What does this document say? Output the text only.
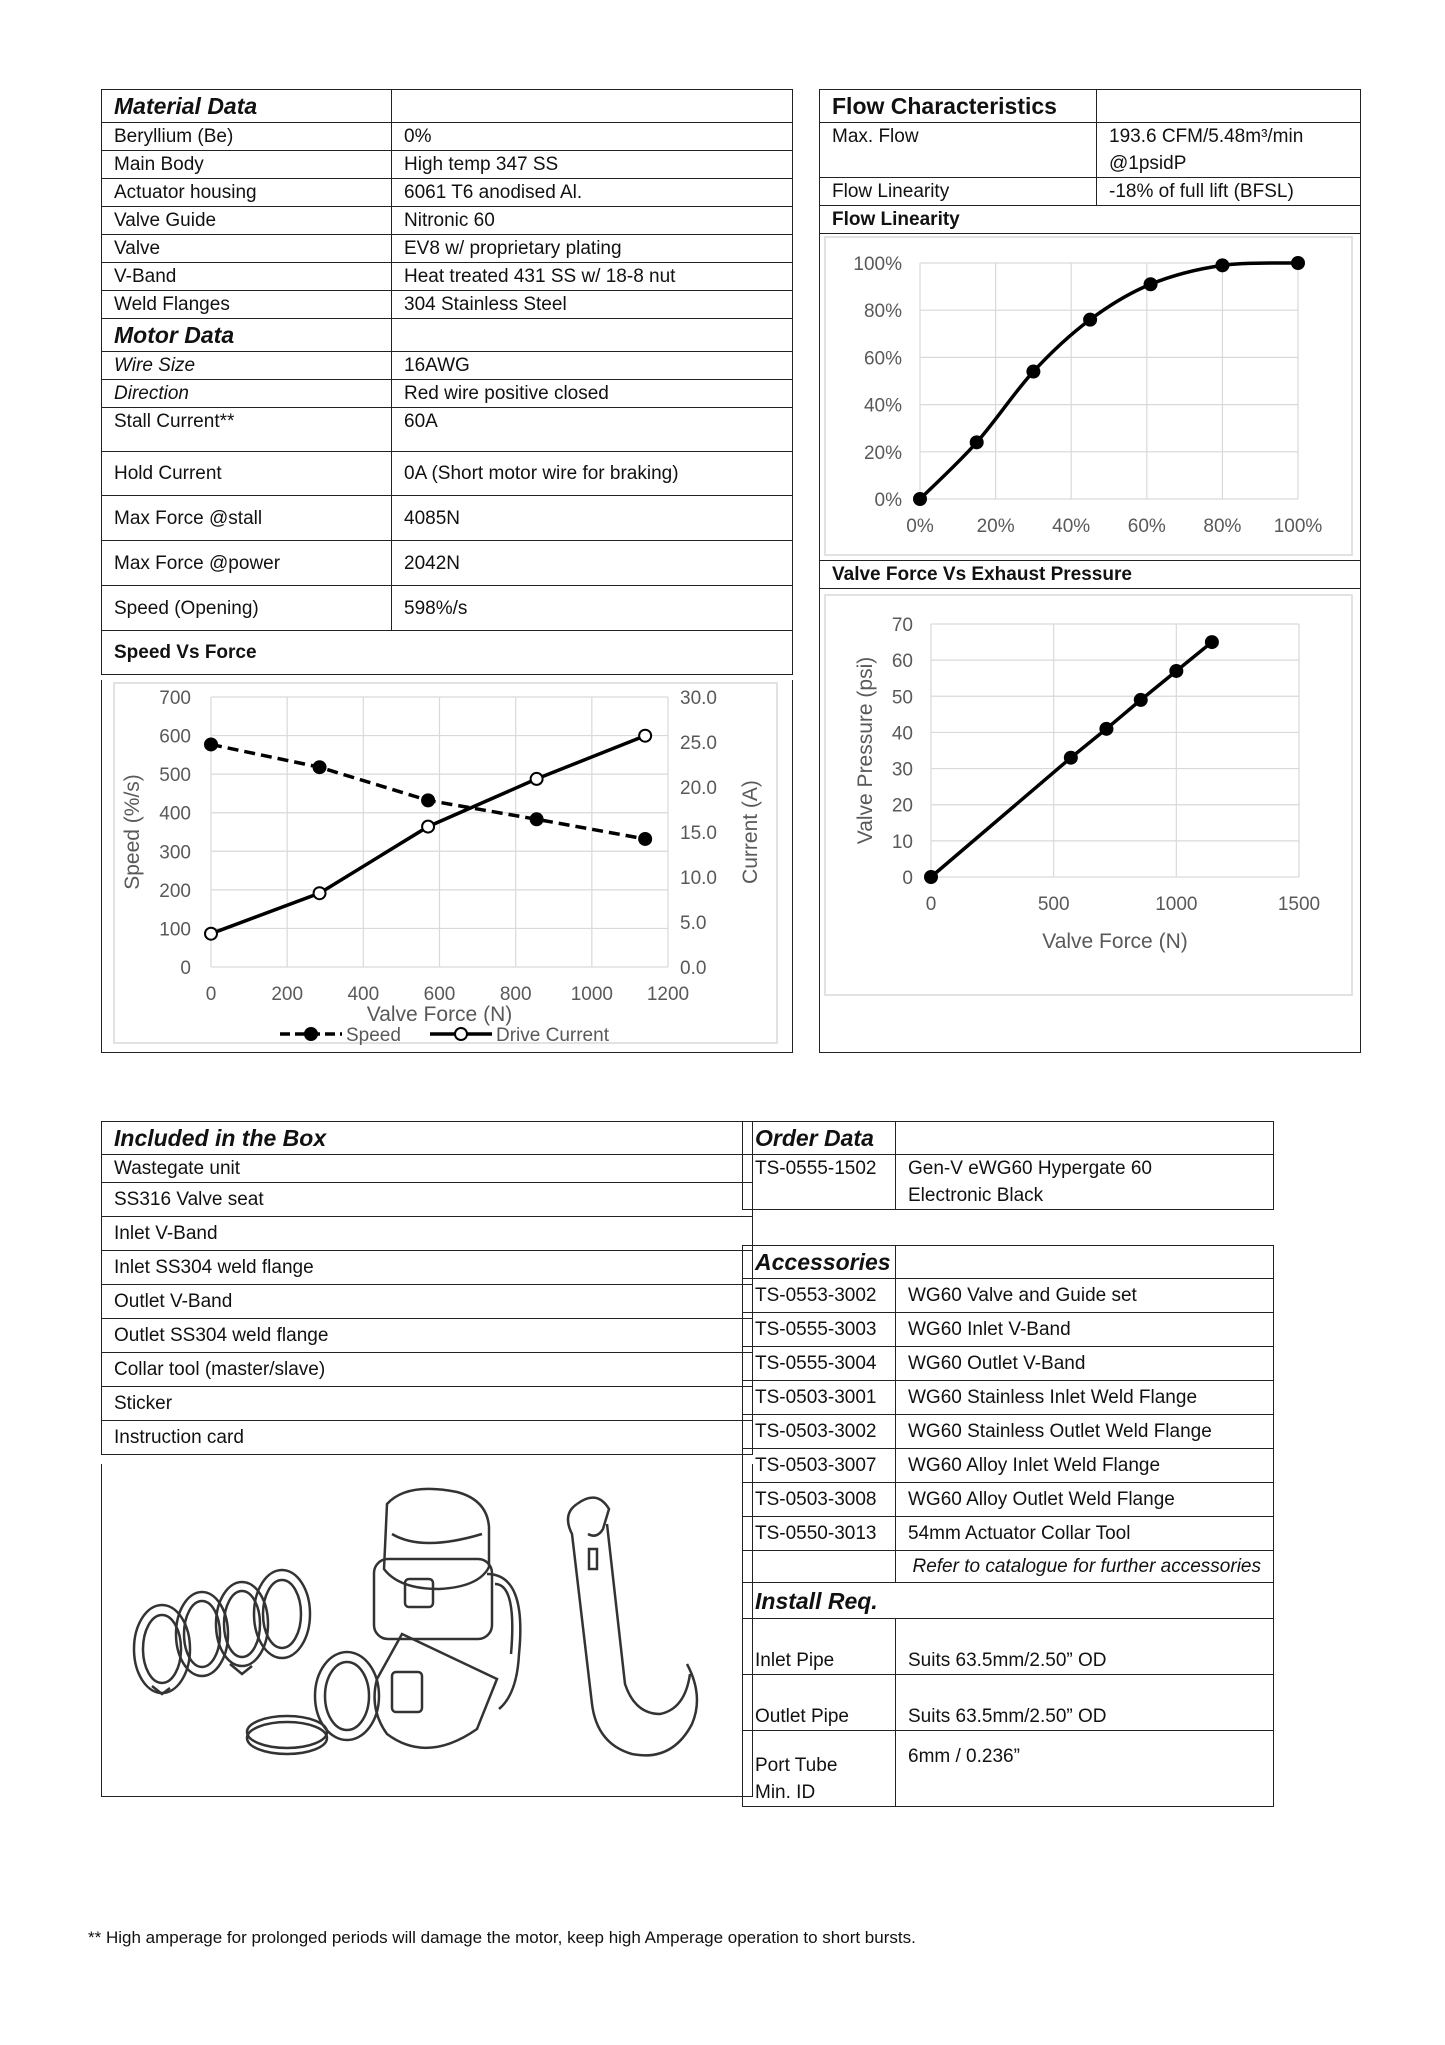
Material Data	
Beryllium (Be)	0%
Main Body	High temp 347 SS
Actuator housing	6061 T6 anodised Al.
Valve Guide	Nitronic 60
Valve	EV8 w/ proprietary plating
V-Band	Heat treated 431 SS w/ 18-8 nut
Weld Flanges	304 Stainless Steel
Motor Data	
Wire Size	16AWG
Direction	Red wire positive closed
Stall Current**	60A
Hold Current	0A (Short motor wire for braking)
Max Force @stall	4085N
Max Force @power	2042N
Speed (Opening)	598%/s
Speed Vs Force	
0
100
200
300
400
500
600
700
0	200 400 600 800 1000 1200
0.0
5.0
10.0
15.0
20.0
25.0
30.0
Valve Force (N)
Speed (%/s)	Current (A)
Speed	Drive Current
Flow Characteristics	
Max. Flow	193.6 CFM/5.48m³/min
@1psidP

Flow Linearity	-18% of full lift (BFSL)
Flow Linearity	
0%
20%
40%
60%
80%
100%
0% 20% 40% 60% 80% 100%
Valve Force Vs Exhaust Pressure
0
10
20
30
40
50
60
70
0	500	1000	1500
Valve Force (N)
Valve Pressure (psi)
Included in the Box
Wastegate unit
SS316 Valve seat
Inlet V-Band
Inlet SS304 weld flange
Outlet V-Band
Outlet SS304 weld flange
Collar tool (master/slave)
Sticker
Instruction card
Order Data	
TS-0555-1502	Gen-V eWG60 Hypergate 60
Electronic Black
Accessories	
TS-0553-3002	WG60 Valve and Guide set
TS-0555-3003	WG60 Inlet V-Band
TS-0555-3004	WG60 Outlet V-Band
TS-0503-3001	WG60 Stainless Inlet Weld Flange
TS-0503-3002	WG60 Stainless Outlet Weld Flange
TS-0503-3007	WG60 Alloy Inlet Weld Flange
TS-0503-3008	WG60 Alloy Outlet Weld Flange
TS-0550-3013	54mm Actuator Collar Tool
	Refer to catalogue for further accessories
Install Req.	
Inlet Pipe	Suits 63.5mm/2.50” OD
Outlet Pipe	Suits 63.5mm/2.50” OD

Port Tube
Min. ID	6mm / 0.236”
** High amperage for prolonged periods will damage the motor, keep high Amperage operation to short bursts.
